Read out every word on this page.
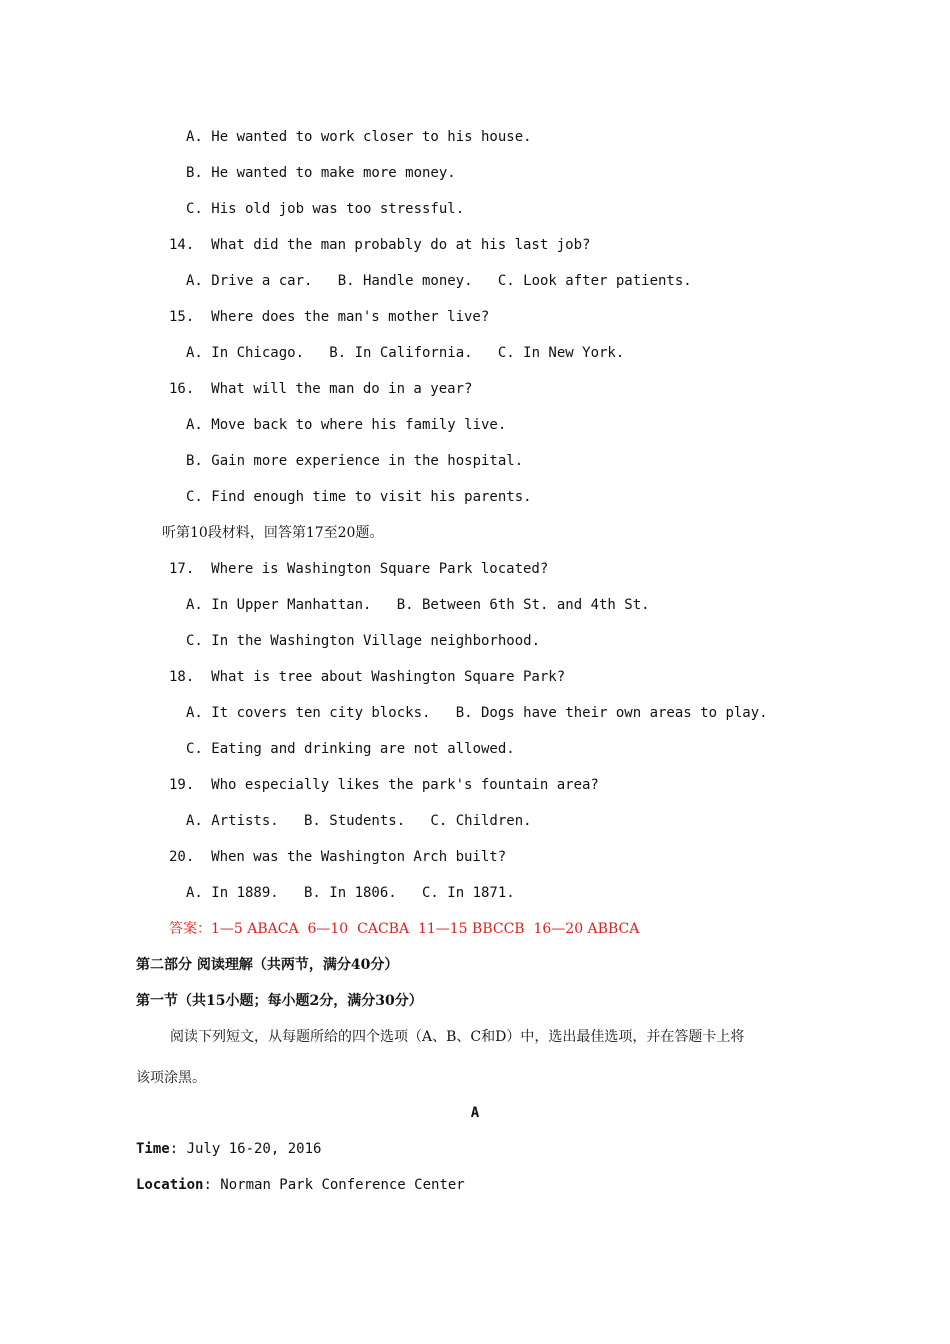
A. He wanted to work closer to his house.

B. He wanted to make more money.

C. His old job was too stressful.

14.  What did the man probably do at his last job?

A. Drive a car.   B. Handle money.   C. Look after patients.

15.  Where does the man's mother live?

A. In Chicago.   B. In California.   C. In New York.

16.  What will the man do in a year?

A. Move back to where his family live.

B. Gain more experience in the hospital.

C. Find enough time to visit his parents.

听第10段材料，回答第17至20题。

17.  Where is Washington Square Park located?

A. In Upper Manhattan.   B. Between 6th St. and 4th St.

C. In the Washington Village neighborhood.

18.  What is tree about Washington Square Park?

A. It covers ten city blocks.   B. Dogs have their own areas to play.

C. Eating and drinking are not allowed.

19.  Who especially likes the park's fountain area?

A. Artists.   B. Students.   C. Children.

20.  When was the Washington Arch built?

A. In 1889.   B. In 1806.   C. In 1871.

答案：1—5 ABACA  6—10  CACBA  11—15 BBCCB  16—20 ABBCA

第二部分 阅读理解（共两节，满分40分）

第一节（共15小题；每小题2分，满分30分）

阅读下列短文，从每题所给的四个选项（A、B、C和D）中，选出最佳选项，并在答题卡上将

该项涂黑。

A

Time: July 16-20, 2016

Location: Norman Park Conference Center
